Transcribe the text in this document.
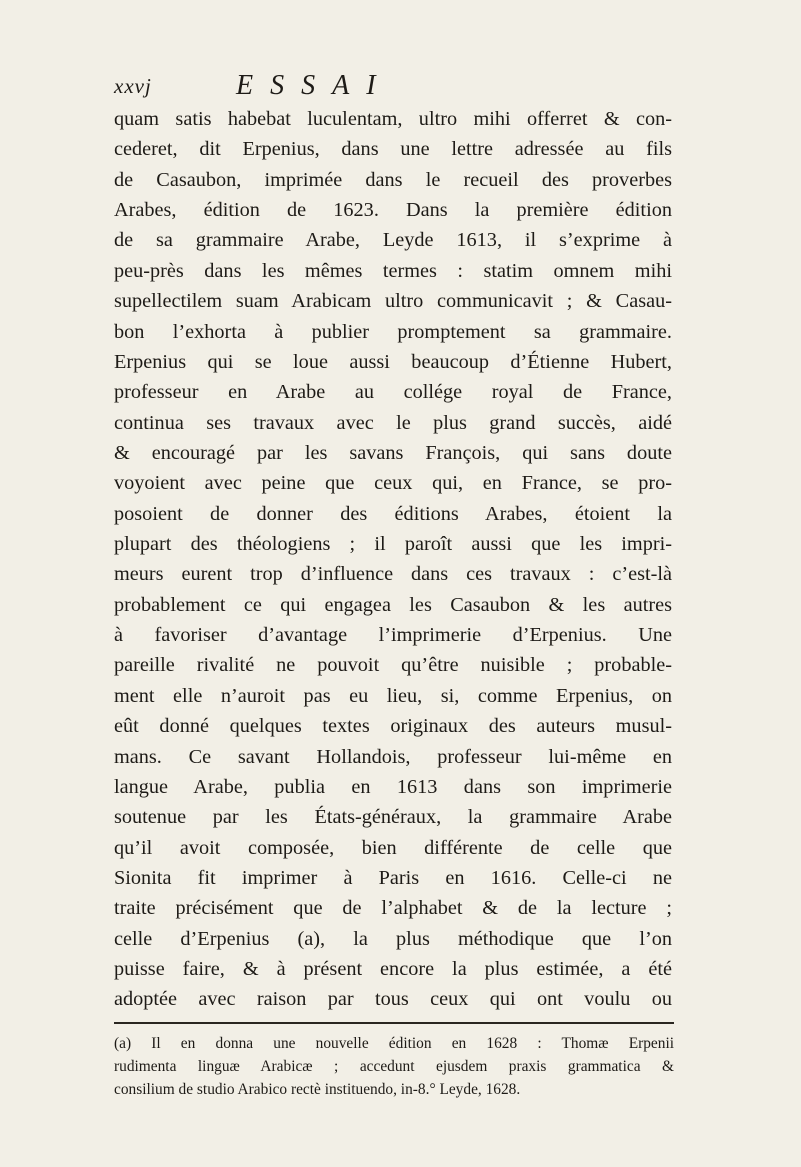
xxvj	ESSAI
quam satis habebat luculentam, ultro mihi offerret & con-
cederet, dit Erpenius, dans une lettre adressée au fils
de Casaubon, imprimée dans le recueil des proverbes
Arabes, édition de 1623. Dans la première édition
de sa grammaire Arabe, Leyde 1613, il s’exprime à
peu-près dans les mêmes termes : statim omnem mihi
supellectilem suam Arabicam ultro communicavit ; & Casau-
bon l’exhorta à publier promptement sa grammaire.
Erpenius qui se loue aussi beaucoup d’Étienne Hubert,
professeur en Arabe au collége royal de France,
continua ses travaux avec le plus grand succès, aidé
& encouragé par les savans François, qui sans doute
voyoient avec peine que ceux qui, en France, se pro-
posoient de donner des éditions Arabes, étoient la
plupart des théologiens ; il paroît aussi que les impri-
meurs eurent trop d’influence dans ces travaux : c’est-là
probablement ce qui engagea les Casaubon & les autres
à favoriser d’avantage l’imprimerie d’Erpenius. Une
pareille rivalité ne pouvoit qu’être nuisible ; probable-
ment elle n’auroit pas eu lieu, si, comme Erpenius, on
eût donné quelques textes originaux des auteurs musul-
mans. Ce savant Hollandois, professeur lui-même en
langue Arabe, publia en 1613 dans son imprimerie
soutenue par les États-généraux, la grammaire Arabe
qu’il avoit composée, bien différente de celle que
Sionita fit imprimer à Paris en 1616. Celle-ci ne
traite précisément que de l’alphabet & de la lecture ;
celle d’Erpenius (a), la plus méthodique que l’on
puisse faire, & à présent encore la plus estimée, a été
adoptée avec raison par tous ceux qui ont voulu ou
(a) Il en donna une nouvelle édition en 1628 : Thomæ Erpenii
rudimenta linguæ Arabicæ ; accedunt ejusdem praxis grammatica &
consilium de studio Arabico rectè instituendo, in-8.° Leyde, 1628.
